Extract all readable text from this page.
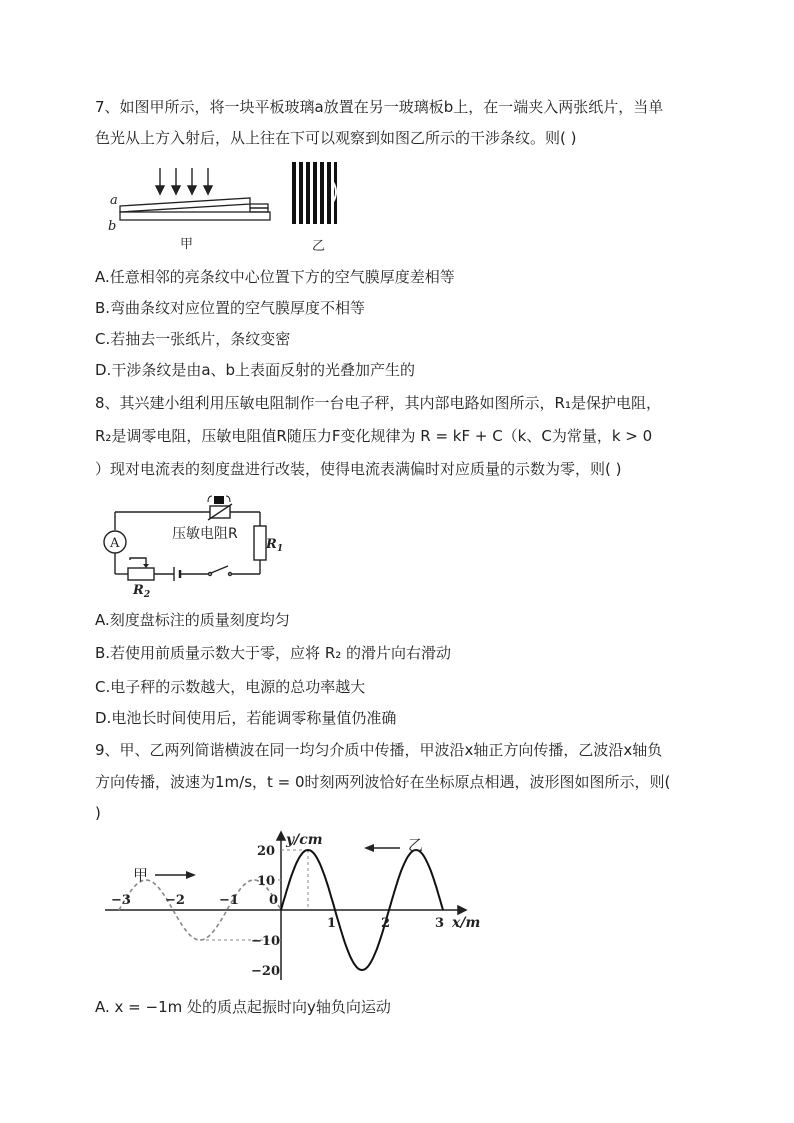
7、如图甲所示，将一块平板玻璃a放置在另一玻璃板b上，在一端夹入两张纸片，当单
色光从上方入射后，从上往在下可以观察到如图乙所示的干涉条纹。则( )
a
b
甲	乙
A.任意相邻的亮条纹中心位置下方的空气膜厚度差相等
B.弯曲条纹对应位置的空气膜厚度不相等
C.若抽去一张纸片，条纹变密
D.干涉条纹是由a、b上表面反射的光叠加产生的
8、其兴建小组利用压敏电阻制作一台电子秤，其内部电路如图所示，R₁是保护电阻，
R₂是调零电阻，压敏电阻值R随压力F变化规律为 R = kF + C（k、C为常量，k > 0
）现对电流表的刻度盘进行改装，使得电流表满偏时对应质量的示数为零，则( )
A
压敏电阻R
$R_1$
$R_2$
A.刻度盘标注的质量刻度均匀
B.若使用前质量示数大于零，应将 R₂ 的滑片向右滑动
C.电子秤的示数越大，电源的总功率越大
D.电池长时间使用后，若能调零称量值仍准确
9、甲、乙两列简谐横波在同一均匀介质中传播，甲波沿x轴正方向传播，乙波沿x轴负
方向传播，波速为1m/s，t = 0时刻两列波恰好在坐标原点相遇，波形图如图所示，则(
)
−3	−2	−1 0
1	2	3
20
10
−10
−20
y/cm
x/m
甲
乙
A. x = −1m 处的质点起振时向y轴负向运动
